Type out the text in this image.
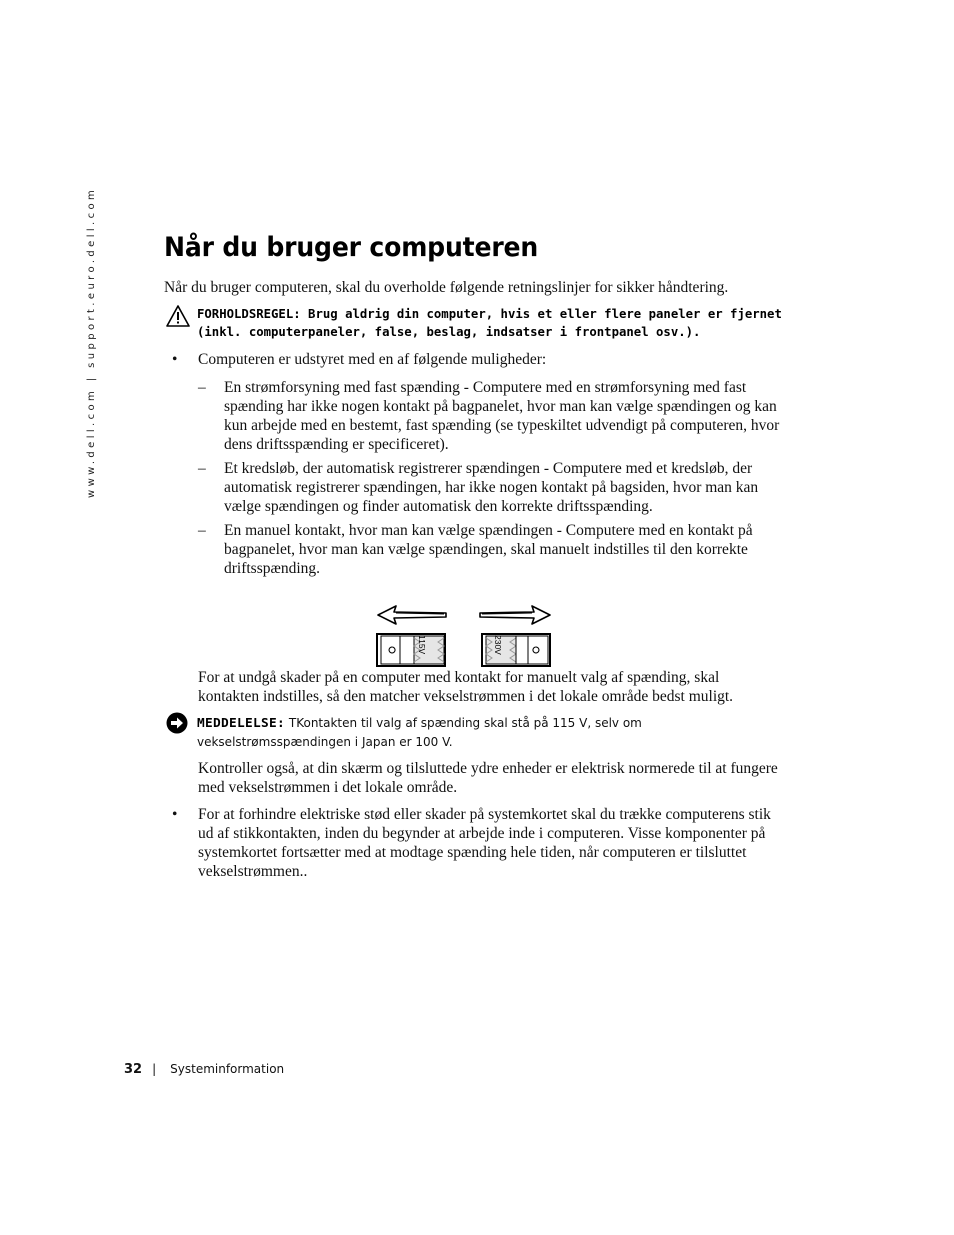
www.dell.com | support.euro.dell.com Når du bruger computeren
Når du bruger computeren, skal du overholde følgende retningslinjer for sikker håndtering.
FORHOLDSREGEL: Brug aldrig din computer, hvis et eller flere paneler er fjernet (inkl. computerpaneler, false, beslag, indsatser i frontpanel osv.).
• Computeren er udstyret med en af følgende muligheder:
– En strømforsyning med fast spænding - Computere med en strømforsyning med fast spænding har ikke nogen kontakt på bagpanelet, hvor man kan vælge spændingen og kan kun arbejde med en bestemt, fast spænding (se typeskiltet udvendigt på computeren, hvor dens driftsspænding er specificeret).
– Et kredsløb, der automatisk registrerer spændingen - Computere med et kredsløb, der automatisk registrerer spændingen, har ikke nogen kontakt på bagsiden, hvor man kan vælge spændingen og finder automatisk den korrekte driftsspænding.
– En manuel kontakt, hvor man kan vælge spændingen - Computere med en kontakt på bagpanelet, hvor man kan vælge spændingen, skal manuelt indstilles til den korrekte driftsspænding.
115V	230V
For at undgå skader på en computer med kontakt for manuelt valg af spænding, skal kontakten indstilles, så den matcher vekselstrømmen i det lokale område bedst muligt.
MEDDELELSE: TKontakten til valg af spænding skal stå på 115 V, selv om vekselstrømsspændingen i Japan er 100 V.
Kontroller også, at din skærm og tilsluttede ydre enheder er elektrisk normerede til at fungere med vekselstrømmen i det lokale område.
• For at forhindre elektriske stød eller skader på systemkortet skal du trække computerens stik ud af stikkontakten, inden du begynder at arbejde inde i computeren. Visse komponenter på systemkortet fortsætter med at modtage spænding hele tiden, når computeren er tilsluttet vekselstrømmen..
32 | Systeminformation
